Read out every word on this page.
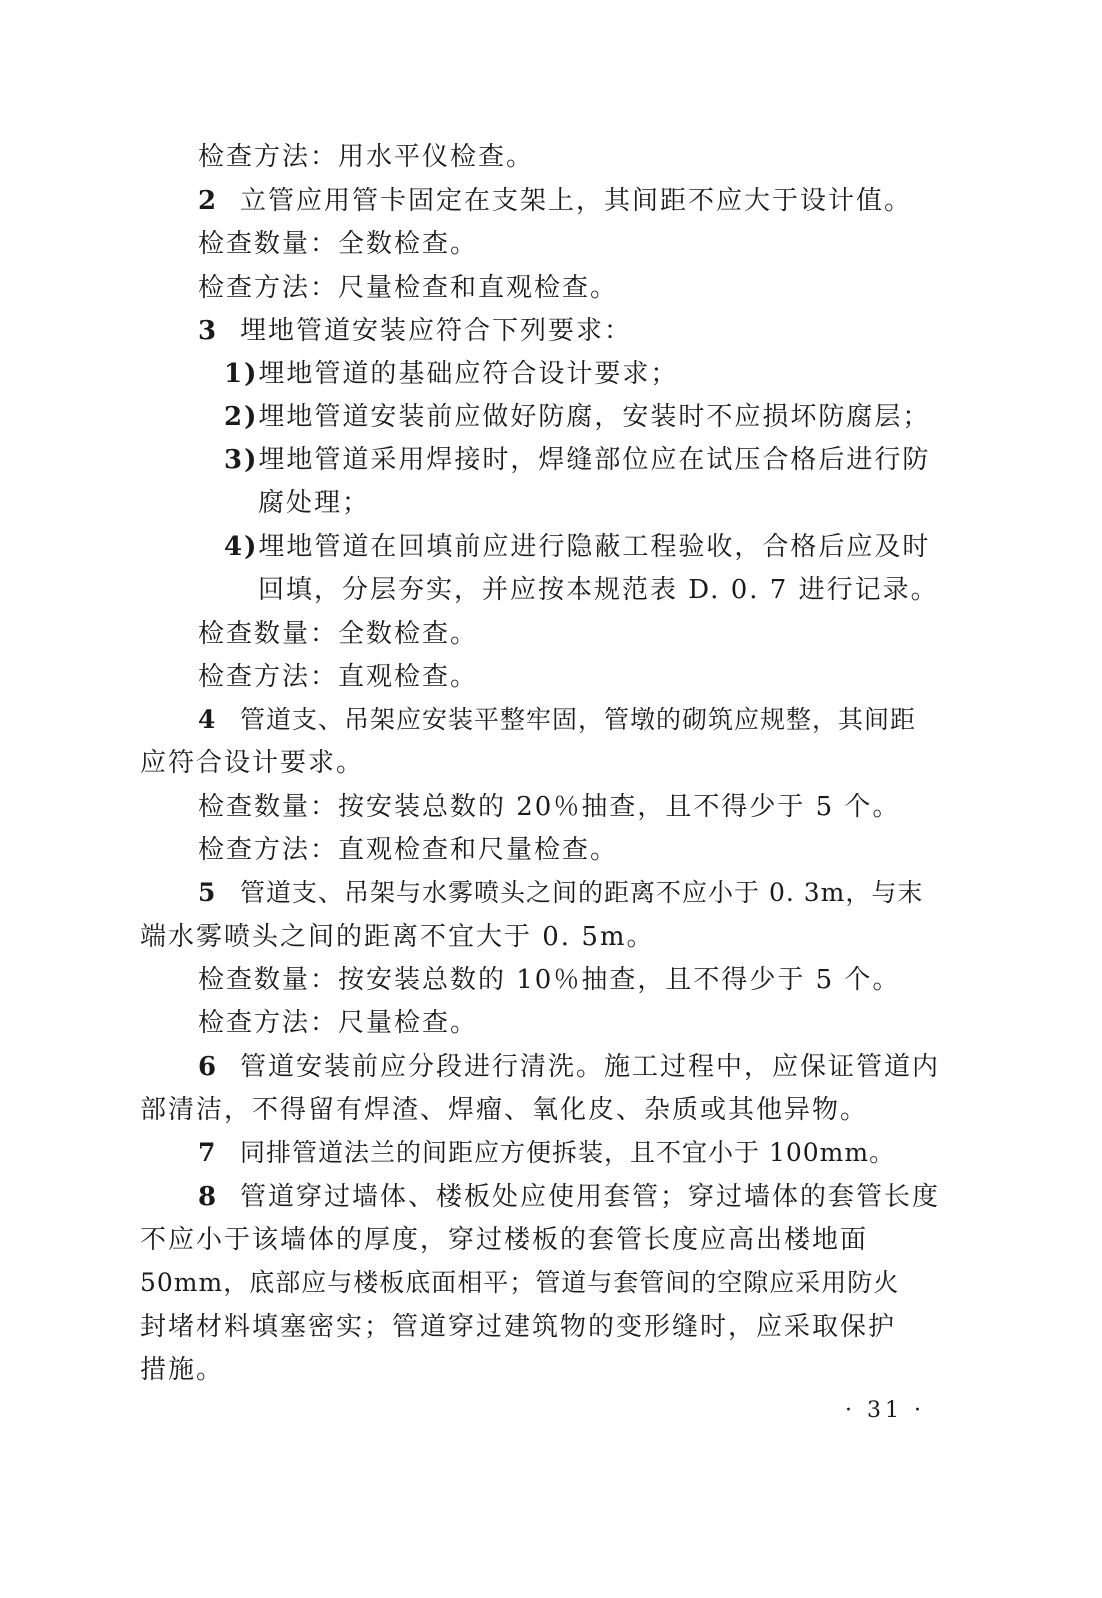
检查方法：用水平仪检查。
2 立管应用管卡固定在支架上，其间距不应大于设计值。
检查数量：全数检查。
检查方法：尺量检查和直观检查。
3 埋地管道安装应符合下列要求：
1)埋地管道的基础应符合设计要求；
2)埋地管道安装前应做好防腐，安装时不应损坏防腐层；
3)埋地管道采用焊接时，焊缝部位应在试压合格后进行防
腐处理；
4)埋地管道在回填前应进行隐蔽工程验收，合格后应及时
回填，分层夯实，并应按本规范表 D. 0. 7 进行记录。
检查数量：全数检查。
检查方法：直观检查。
4 管道支、吊架应安装平整牢固，管墩的砌筑应规整，其间距
应符合设计要求。
检查数量：按安装总数的 20％抽查，且不得少于 5 个。
检查方法：直观检查和尺量检查。
5 管道支、吊架与水雾喷头之间的距离不应小于 0. 3m，与末
端水雾喷头之间的距离不宜大于 0. 5m。
检查数量：按安装总数的 10％抽查，且不得少于 5 个。
检查方法：尺量检查。
6 管道安装前应分段进行清洗。施工过程中，应保证管道内
部清洁，不得留有焊渣、焊瘤、氧化皮、杂质或其他异物。
7 同排管道法兰的间距应方便拆装，且不宜小于 100mm。
8 管道穿过墙体、楼板处应使用套管；穿过墙体的套管长度
不应小于该墙体的厚度，穿过楼板的套管长度应高出楼地面
50mm，底部应与楼板底面相平；管道与套管间的空隙应采用防火
封堵材料填塞密实；管道穿过建筑物的变形缝时，应采取保护
措施。
· 31 ·
